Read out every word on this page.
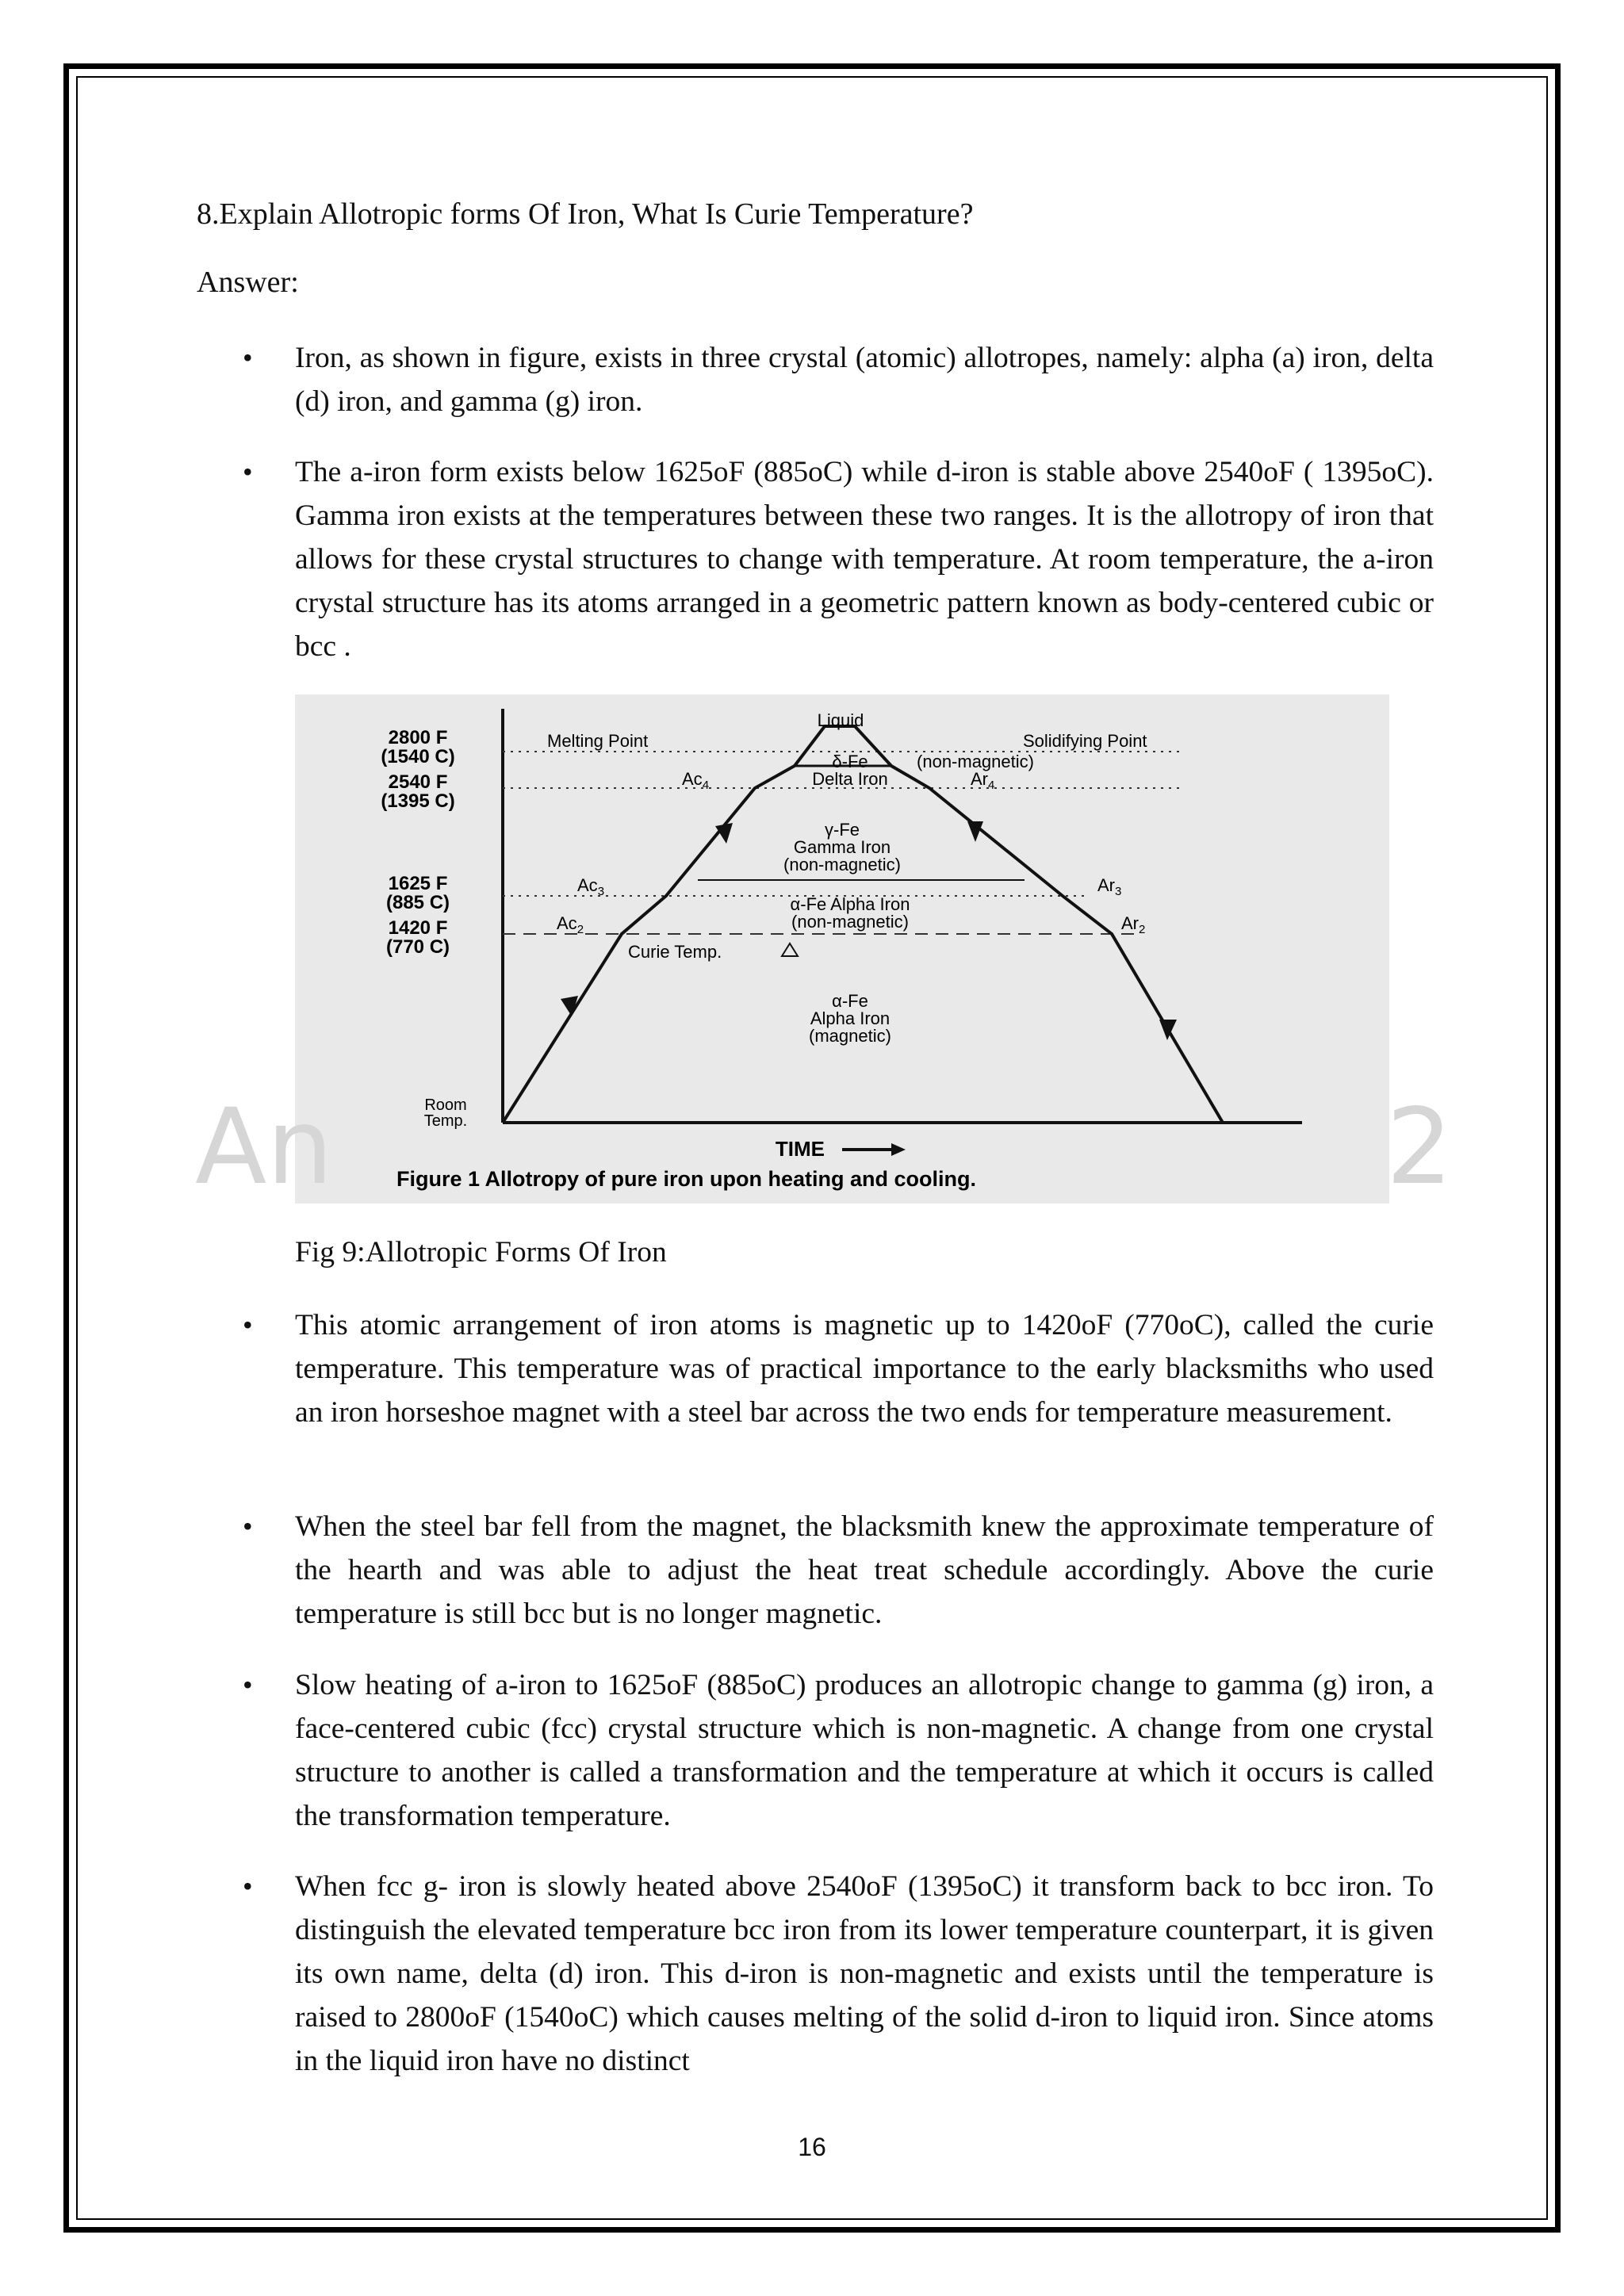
8.Explain Allotropic forms Of Iron, What Is Curie Temperature?
Answer:
• Iron, as shown in figure, exists in three crystal (atomic) allotropes, namely: alpha (a) iron, delta (d) iron, and gamma (g) iron.

• The a-iron form exists below 1625oF (885oC) while d-iron is stable above 2540oF ( 1395oC). Gamma iron exists at the temperatures between these two ranges. It is the allotropy of iron that allows for these crystal structures to change with temperature. At room temperature, the a-iron crystal structure has its atoms arranged in a geometric pattern known as body-centered cubic or bcc .

2800 F
(1540 C)
2540 F
(1395 C)
1625 F
(885 C)
1420 F
(770 C)
Room
Temp.
Melting Point	Solidifying Point
Liquid
δ-Fe
Delta Iron
(non-magnetic)
γ-Fe
Gamma Iron
(non-magnetic)
α-Fe Alpha Iron
(non-magnetic)
Curie Temp.
α-Fe
Alpha Iron
(magnetic)
$Ac_4$
$Ac_3$
$Ac_2$
$Ar_4$
$Ar_3$
$Ar_2$
TIME
Figure 1 Allotropy of pure iron upon heating and cooling.
An	2
Fig 9:Allotropic Forms Of Iron
• This atomic arrangement of iron atoms is magnetic up to 1420oF (770oC), called the curie temperature. This temperature was of practical importance to the early blacksmiths who used an iron horseshoe magnet with a steel bar across the two ends for temperature measurement.

• When the steel bar fell from the magnet, the blacksmith knew the approximate temperature of the hearth and was able to adjust the heat treat schedule accordingly. Above the curie temperature is still bcc but is no longer magnetic.

• Slow heating of a-iron to 1625oF (885oC) produces an allotropic change to gamma (g) iron, a face-centered cubic (fcc) crystal structure which is non-magnetic. A change from one crystal structure to another is called a transformation and the temperature at which it occurs is called the transformation temperature.

• When fcc g- iron is slowly heated above 2540oF (1395oC) it transform back to bcc iron. To distinguish the elevated temperature bcc iron from its lower temperature counterpart, it is given its own name, delta (d) iron. This d-iron is non-magnetic and exists until the temperature is raised to 2800oF (1540oC) which causes melting of the solid d-iron to liquid iron. Since atoms in the liquid iron have no distinct

16
